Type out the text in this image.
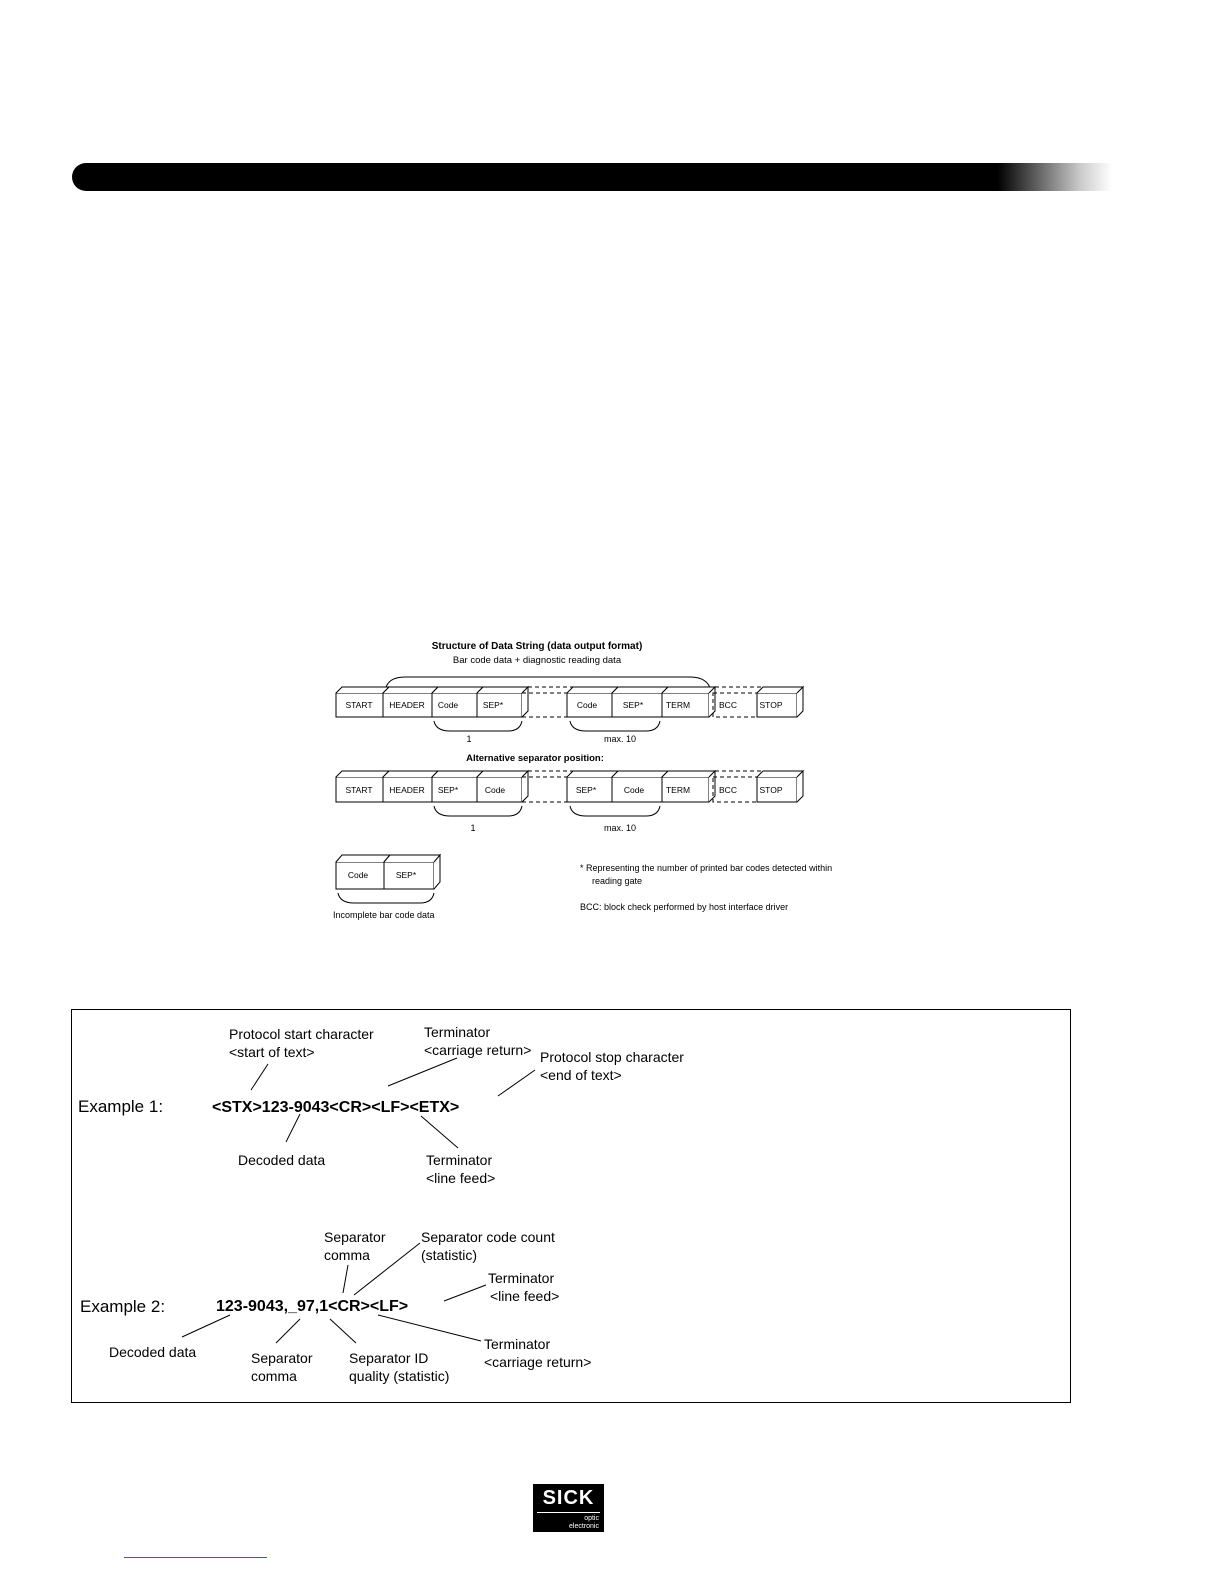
Structure of Data String (data output format)
Bar code data + diagnostic reading data
START HEADER Code	SEP*	Code	SEP*	TERM	BCC	STOP
1	max. 10
Alternative separator position:
START HEADER SEP*	Code	SEP*	Code	TERM	BCC	STOP
1	max. 10
Code	SEP*
Incomplete bar code data
* Representing the number of printed bar codes detected within
reading gate
BCC: block check performed by host interface driver
Protocol start character
<start of text>
Terminator
<carriage return> Protocol stop character
<end of text>
Decoded data	Terminator
<line feed>
Example 1:	<STX>123-9043<CR><LF><ETX>
Separator
comma
Separator code count
(statistic)
Terminator
<line feed>
Decoded data	Separator
comma
Separator ID
quality (statistic)
Terminator
<carriage return>
Example 2:	123-9043,_97,1<CR><LF>
SICK
optic
electronic
